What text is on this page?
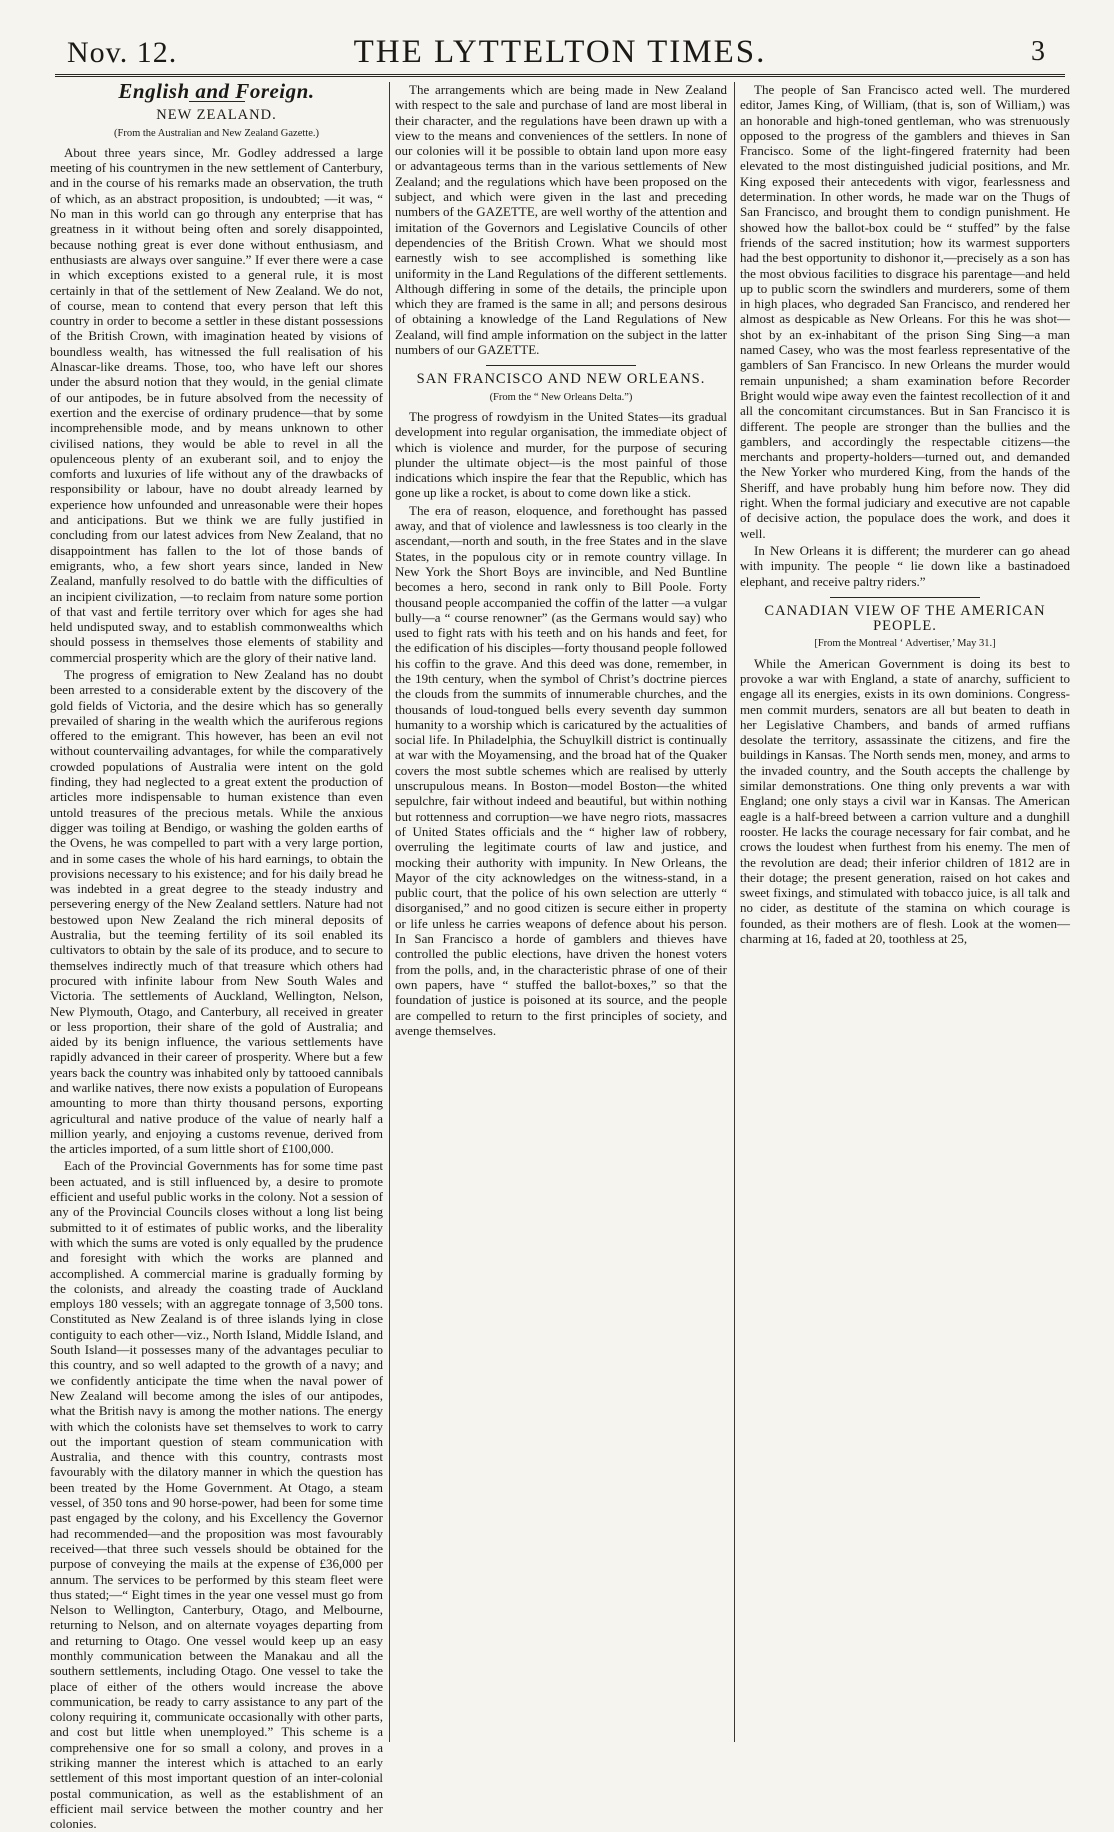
Nov. 12.	THE LYTTELTON TIMES.	3
English and Foreign.
NEW ZEALAND.
(From the Australian and New Zealand Gazette.)

About three years since, Mr. Godley addressed a large meeting of his countrymen in the new settlement of Canterbury, and in the course of his remarks made an observation, the truth of which, as an abstract proposition, is undoubted; —it was, “ No man in this world can go through any enterprise that has greatness in it without being often and sorely disappointed, because nothing great is ever done without enthusiasm, and enthusiasts are always over sanguine.” If ever there were a case in which exceptions existed to a general rule, it is most certainly in that of the settlement of New Zealand. We do not, of course, mean to contend that every person that left this country in order to become a settler in these distant possessions of the British Crown, with imagination heated by visions of boundless wealth, has witnessed the full realisation of his Alnascar-like dreams. Those, too, who have left our shores under the absurd notion that they would, in the genial climate of our antipodes, be in future absolved from the necessity of exertion and the exercise of ordinary prudence—that by some incomprehensible mode, and by means unknown to other civilised nations, they would be able to revel in all the opulenceous plenty of an exuberant soil, and to enjoy the comforts and luxuries of life without any of the drawbacks of responsibility or labour, have no doubt already learned by experience how unfounded and unreasonable were their hopes and anticipations. But we think we are fully justified in concluding from our latest advices from New Zealand, that no disappointment has fallen to the lot of those bands of emigrants, who, a few short years since, landed in New Zealand, manfully resolved to do battle with the difficulties of an incipient civilization, —to reclaim from nature some portion of that vast and fertile territory over which for ages she had held undisputed sway, and to establish commonwealths which should possess in themselves those elements of stability and commercial prosperity which are the glory of their native land.

The progress of emigration to New Zealand has no doubt been arrested to a considerable extent by the discovery of the gold fields of Victoria, and the desire which has so generally prevailed of sharing in the wealth which the auriferous regions offered to the emigrant. This however, has been an evil not without countervailing advantages, for while the comparatively crowded populations of Australia were intent on the gold finding, they had neglected to a great extent the production of articles more indispensable to human existence than even untold treasures of the precious metals. While the anxious digger was toiling at Bendigo, or washing the golden earths of the Ovens, he was compelled to part with a very large portion, and in some cases the whole of his hard earnings, to obtain the provisions necessary to his existence; and for his daily bread he was indebted in a great degree to the steady industry and persevering energy of the New Zealand settlers. Nature had not bestowed upon New Zealand the rich mineral deposits of Australia, but the teeming fertility of its soil enabled its cultivators to obtain by the sale of its produce, and to secure to themselves indirectly much of that treasure which others had procured with infinite labour from New South Wales and Victoria. The settlements of Auckland, Wellington, Nelson, New Plymouth, Otago, and Canterbury, all received in greater or less proportion, their share of the gold of Australia; and aided by its benign influence, the various settlements have rapidly advanced in their career of prosperity. Where but a few years back the country was inhabited only by tattooed cannibals and warlike natives, there now exists a population of Europeans amounting to more than thirty thousand persons, exporting agricultural and native produce of the value of nearly half a million yearly, and enjoying a customs revenue, derived from the articles imported, of a sum little short of £100,000.

Each of the Provincial Governments has for some time past been actuated, and is still influenced by, a desire to promote efficient and useful public works in the colony. Not a session of any of the Provincial Councils closes without a long list being submitted to it of estimates of public works, and the liberality with which the sums are voted is only equalled by the prudence and foresight with which the works are planned and accomplished. A commercial marine is gradually forming by the colonists, and already the coasting trade of Auckland employs 180 vessels; with an aggregate tonnage of 3,500 tons. Constituted as New Zealand is of three islands lying in close contiguity to each other—viz., North Island, Middle Island, and South Island—it possesses many of the advantages peculiar to this country, and so well adapted to the growth of a navy; and we confidently anticipate the time when the naval power of New Zealand will become among the isles of our antipodes, what the British navy is among the mother nations. The energy with which the colonists have set themselves to work to carry out the important question of steam communication with Australia, and thence with this country, contrasts most favourably with the dilatory manner in which the question has been treated by the Home Government. At Otago, a steam vessel, of 350 tons and 90 horse-power, had been for some time past engaged by the colony, and his Excellency the Governor had recommended—and the proposition was most favourably received—that three such vessels should be obtained for the purpose of conveying the mails at the expense of £36,000 per annum. The services to be performed by this steam fleet were thus stated;—“ Eight times in the year one vessel must go from Nelson to Wellington, Canterbury, Otago, and Melbourne, returning to Nelson, and on alternate voyages departing from and returning to Otago. One vessel would keep up an easy monthly communication between the Manakau and all the southern settlements, including Otago. One vessel to take the place of either of the others would increase the above communication, be ready to carry assistance to any part of the colony requiring it, communicate occasionally with other parts, and cost but little when unemployed.” This scheme is a comprehensive one for so small a colony, and proves in a striking manner the interest which is attached to an early settlement of this most important question of an inter-colonial postal communication, as well as the establishment of an efficient mail service between the mother country and her colonies.

The arrangements which are being made in New Zealand with respect to the sale and purchase of land are most liberal in their character, and the regulations have been drawn up with a view to the means and conveniences of the settlers. In none of our colonies will it be possible to obtain land upon more easy or advantageous terms than in the various settlements of New Zealand; and the regulations which have been proposed on the subject, and which were given in the last and preceding numbers of the GAZETTE, are well worthy of the attention and imitation of the Governors and Legislative Councils of other dependencies of the British Crown. What we should most earnestly wish to see accomplished is something like uniformity in the Land Regulations of the different settlements. Although differing in some of the details, the principle upon which they are framed is the same in all; and persons desirous of obtaining a knowledge of the Land Regulations of New Zealand, will find ample information on the subject in the latter numbers of our GAZETTE.

SAN FRANCISCO AND NEW ORLEANS.
(From the “ New Orleans Delta.”)

The progress of rowdyism in the United States—its gradual development into regular organisation, the immediate object of which is violence and murder, for the purpose of securing plunder the ultimate object—is the most painful of those indications which inspire the fear that the Republic, which has gone up like a rocket, is about to come down like a stick.

The era of reason, eloquence, and forethought has passed away, and that of violence and lawlessness is too clearly in the ascendant,—north and south, in the free States and in the slave States, in the populous city or in remote country village. In New York the Short Boys are invincible, and Ned Buntline becomes a hero, second in rank only to Bill Poole. Forty thousand people accompanied the coffin of the latter —a vulgar bully—a “ course renowner” (as the Germans would say) who used to fight rats with his teeth and on his hands and feet, for the edification of his disciples—forty thousand people followed his coffin to the grave. And this deed was done, remember, in the 19th century, when the symbol of Christ’s doctrine pierces the clouds from the summits of innumerable churches, and the thousands of loud-tongued bells every seventh day summon humanity to a worship which is caricatured by the actualities of social life. In Philadelphia, the Schuylkill district is continually at war with the Moyamensing, and the broad hat of the Quaker covers the most subtle schemes which are realised by utterly unscrupulous means. In Boston—model Boston—the whited sepulchre, fair without indeed and beautiful, but within nothing but rottenness and corruption—we have negro riots, massacres of United States officials and the “ higher law of robbery, overruling the legitimate courts of law and justice, and mocking their authority with impunity. In New Orleans, the Mayor of the city acknowledges on the witness-stand, in a public court, that the police of his own selection are utterly “ disorganised,” and no good citizen is secure either in property or life unless he carries weapons of defence about his person. In San Francisco a horde of gamblers and thieves have controlled the public elections, have driven the honest voters from the polls, and, in the characteristic phrase of one of their own papers, have “ stuffed the ballot-boxes,” so that the foundation of justice is poisoned at its source, and the people are compelled to return to the first principles of society, and avenge themselves.

The people of San Francisco acted well. The murdered editor, James King, of William, (that is, son of William,) was an honorable and high-toned gentleman, who was strenuously opposed to the progress of the gamblers and thieves in San Francisco. Some of the light-fingered fraternity had been elevated to the most distinguished judicial positions, and Mr. King exposed their antecedents with vigor, fearlessness and determination. In other words, he made war on the Thugs of San Francisco, and brought them to condign punishment. He showed how the ballot-box could be “ stuffed” by the false friends of the sacred institution; how its warmest supporters had the best opportunity to dishonor it,—precisely as a son has the most obvious facilities to disgrace his parentage—and held up to public scorn the swindlers and murderers, some of them in high places, who degraded San Francisco, and rendered her almost as despicable as New Orleans. For this he was shot—shot by an ex-inhabitant of the prison Sing Sing—a man named Casey, who was the most fearless representative of the gamblers of San Francisco. In new Orleans the murder would remain unpunished; a sham examination before Recorder Bright would wipe away even the faintest recollection of it and all the concomitant circumstances. But in San Francisco it is different. The people are stronger than the bullies and the gamblers, and accordingly the respectable citizens—the merchants and property-holders—turned out, and demanded the New Yorker who murdered King, from the hands of the Sheriff, and have probably hung him before now. They did right. When the formal judiciary and executive are not capable of decisive action, the populace does the work, and does it well.

In New Orleans it is different; the murderer can go ahead with impunity. The people “ lie down like a bastinadoed elephant, and receive paltry riders.”

CANADIAN VIEW OF THE AMERICAN PEOPLE.
[From the Montreal ‘ Advertiser,’ May 31.]

While the American Government is doing its best to provoke a war with England, a state of anarchy, sufficient to engage all its energies, exists in its own dominions. Congress-men commit murders, senators are all but beaten to death in her Legislative Chambers, and bands of armed ruffians desolate the territory, assassinate the citizens, and fire the buildings in Kansas. The North sends men, money, and arms to the invaded country, and the South accepts the challenge by similar demonstrations. One thing only prevents a war with England; one only stays a civil war in Kansas. The American eagle is a half-breed between a carrion vulture and a dunghill rooster. He lacks the courage necessary for fair combat, and he crows the loudest when furthest from his enemy. The men of the revolution are dead; their inferior children of 1812 are in their dotage; the present generation, raised on hot cakes and sweet fixings, and stimulated with tobacco juice, is all talk and no cider, as destitute of the stamina on which courage is founded, as their mothers are of flesh. Look at the women—charming at 16, faded at 20, toothless at 25,
